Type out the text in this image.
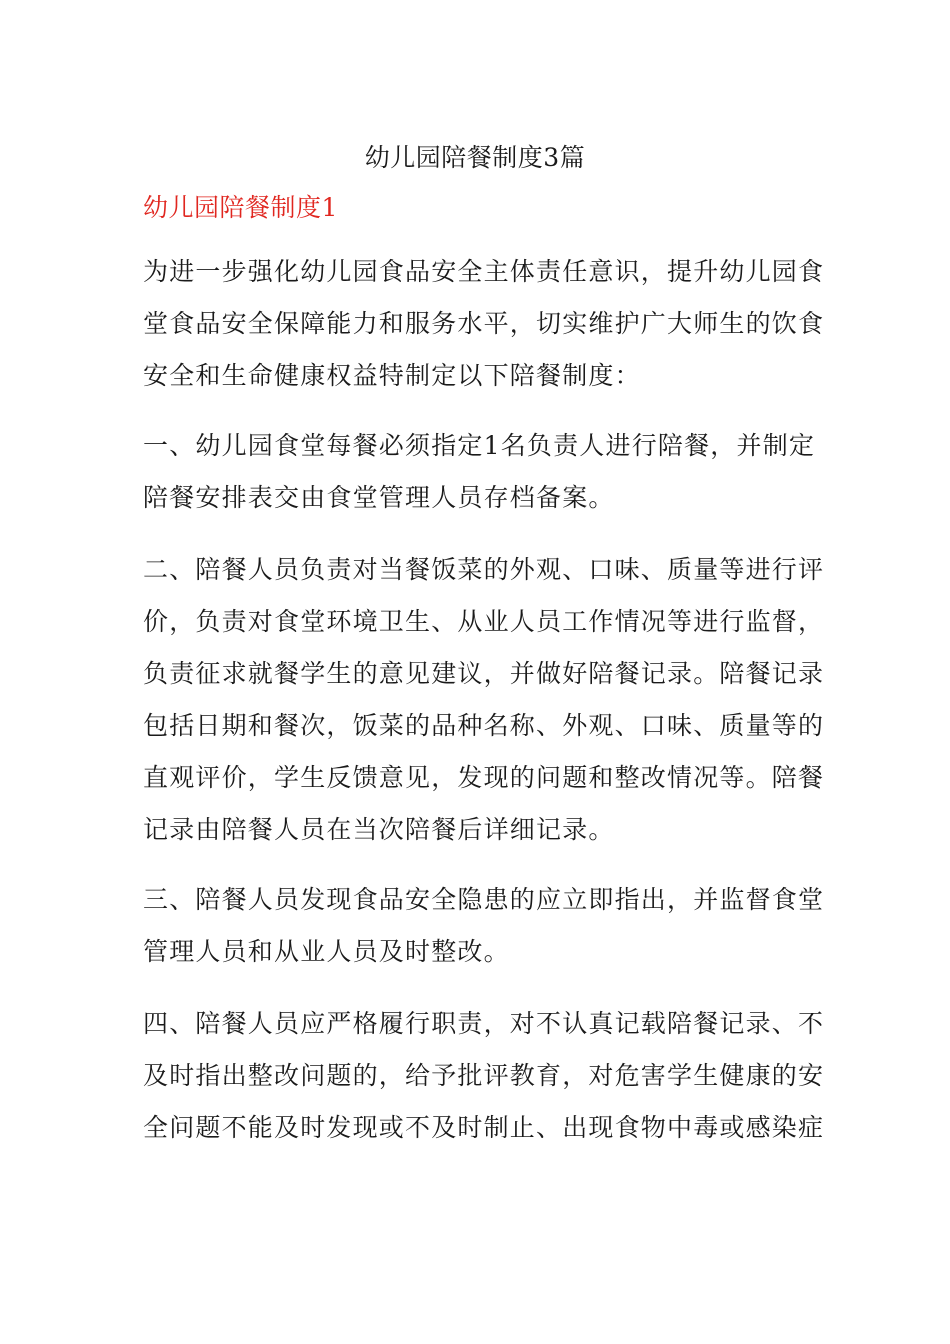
幼儿园陪餐制度3篇
幼儿园陪餐制度1

为进一步强化幼儿园食品安全主体责任意识，提升幼儿园食
堂食品安全保障能力和服务水平，切实维护广大师生的饮食
安全和生命健康权益特制定以下陪餐制度：

一、幼儿园食堂每餐必须指定1名负责人进行陪餐，并制定
陪餐安排表交由食堂管理人员存档备案。

二、陪餐人员负责对当餐饭菜的外观、口味、质量等进行评
价，负责对食堂环境卫生、从业人员工作情况等进行监督，
负责征求就餐学生的意见建议，并做好陪餐记录。陪餐记录
包括日期和餐次，饭菜的品种名称、外观、口味、质量等的
直观评价，学生反馈意见，发现的问题和整改情况等。陪餐
记录由陪餐人员在当次陪餐后详细记录。

三、陪餐人员发现食品安全隐患的应立即指出，并监督食堂
管理人员和从业人员及时整改。

四、陪餐人员应严格履行职责，对不认真记载陪餐记录、不
及时指出整改问题的，给予批评教育，对危害学生健康的安
全问题不能及时发现或不及时制止、出现食物中毒或感染症
